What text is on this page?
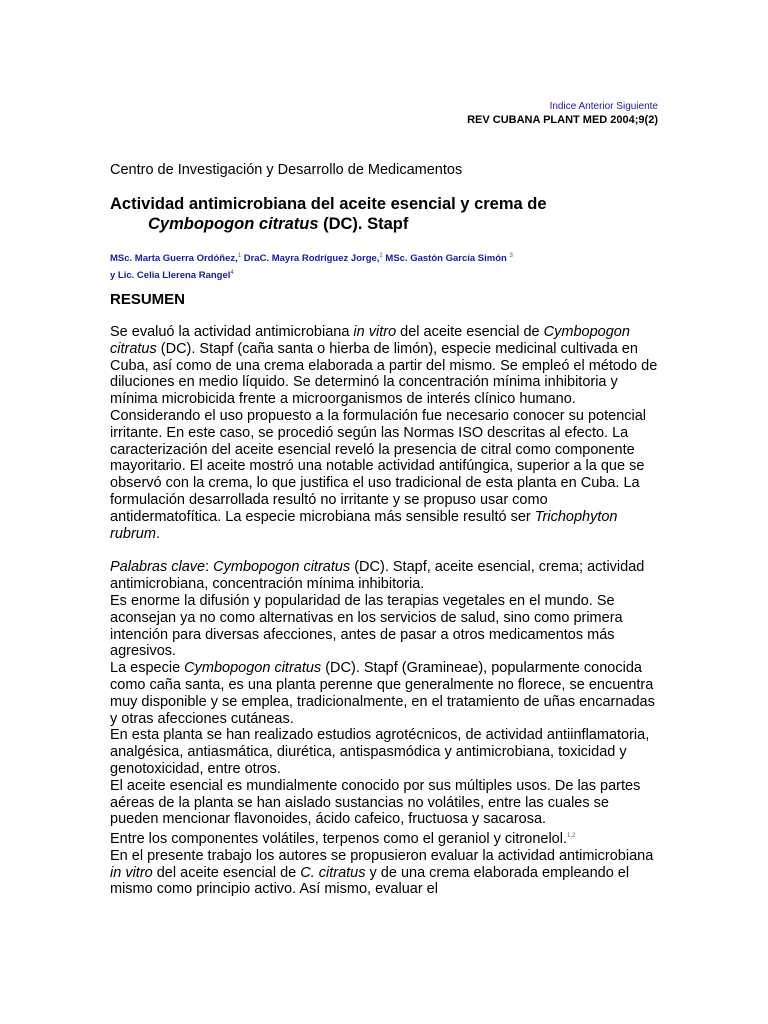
Indice Anterior Siguiente
REV CUBANA PLANT MED 2004;9(2)
Centro de Investigación y Desarrollo de Medicamentos
Actividad antimicrobiana del aceite esencial y crema de
Cymbopogon citratus (DC). Stapf
MSc. Marta Guerra Ordóñez,$^1$ DraC. Mayra Rodríguez Jorge,$^2$ MSc. Gastón García Simón $^3$
y Lic. Celia Llerena Rangel$^4$
RESUMEN

Se evaluó la actividad antimicrobiana in vitro del aceite esencial de Cymbopogon citratus (DC). Stapf (caña santa o hierba de limón), especie medicinal cultivada en Cuba, así como de una crema elaborada a partir del mismo. Se empleó el método de diluciones en medio líquido. Se determinó la concentración mínima inhibitoria y mínima microbicida frente a microorganismos de interés clínico humano. Considerando el uso propuesto a la formulación fue necesario conocer su potencial irritante. En este caso, se procedió según las Normas ISO descritas al efecto. La caracterización del aceite esencial reveló la presencia de citral como componente mayoritario. El aceite mostró una notable actividad antifúngica, superior a la que se observó con la crema, lo que justifica el uso tradicional de esta planta en Cuba. La formulación desarrollada resultó no irritante y se propuso usar como antidermatofítica. La especie microbiana más sensible resultó ser Trichophyton rubrum.

Palabras clave: Cymbopogon citratus (DC). Stapf, aceite esencial, crema; actividad antimicrobiana, concentración mínima inhibitoria.

Es enorme la difusión y popularidad de las terapias vegetales en el mundo. Se aconsejan ya no como alternativas en los servicios de salud, sino como primera intención para diversas afecciones, antes de pasar a otros medicamentos más agresivos.

La especie Cymbopogon citratus (DC). Stapf (Gramineae), popularmente conocida como caña santa, es una planta perenne que generalmente no florece, se encuentra muy disponible y se emplea, tradicionalmente, en el tratamiento de uñas encarnadas y otras afecciones cutáneas.

En esta planta se han realizado estudios agrotécnicos, de actividad antiinflamatoria, analgésica, antiasmática, diurética, antispasmódica y antimicrobiana, toxicidad y genotoxicidad, entre otros.

El aceite esencial es mundialmente conocido por sus múltiples usos. De las partes aéreas de la planta se han aislado sustancias no volátiles, entre las cuales se pueden mencionar flavonoides, ácido cafeico, fructuosa y sacarosa.

Entre los componentes volátiles, terpenos como el geraniol y citronelol.$^{1,2}$

En el presente trabajo los autores se propusieron evaluar la actividad antimicrobiana in vitro del aceite esencial de C. citratus y de una crema elaborada empleando el mismo como principio activo. Así mismo, evaluar el
